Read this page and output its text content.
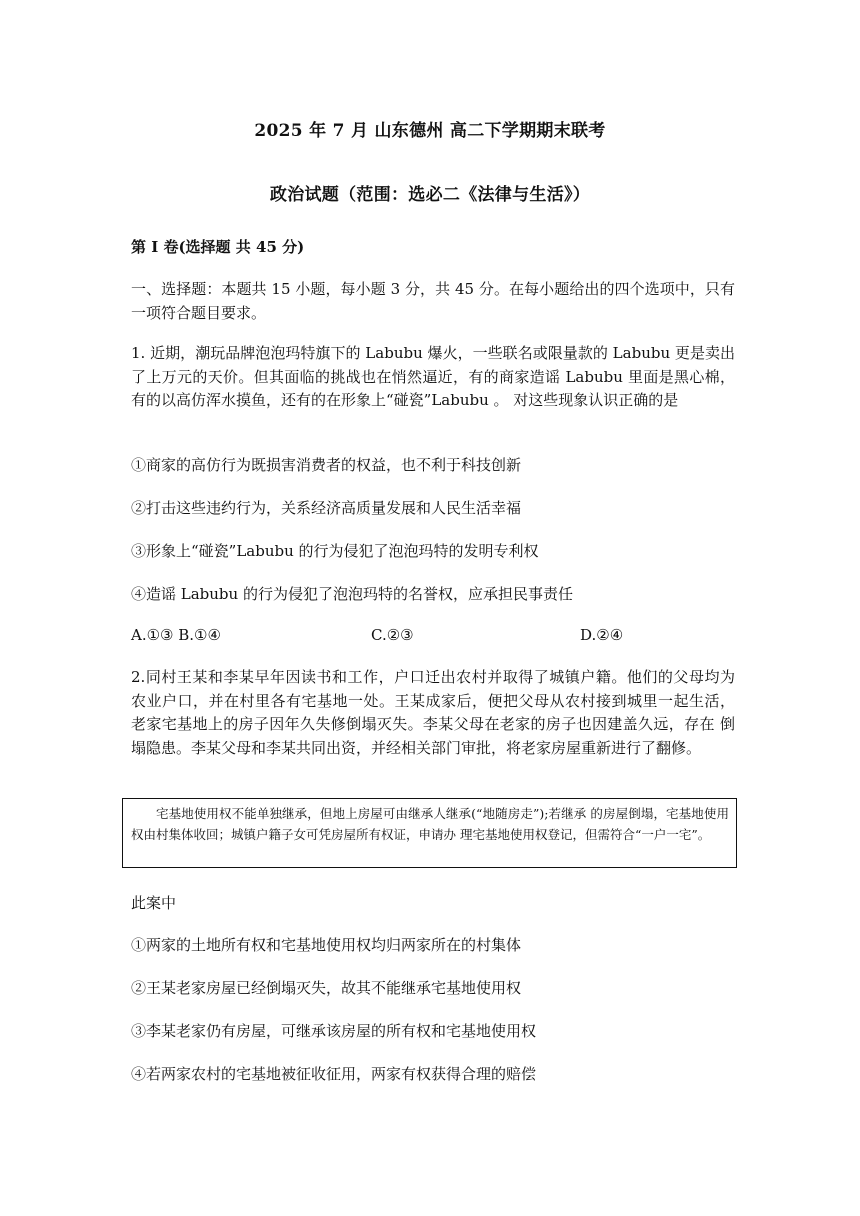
2025 年 7 月 山东德州 高二下学期期末联考
政治试题（范围：选必二《法律与生活》）
第 I 卷(选择题 共 45 分)
一、选择题：本题共 15 小题，每小题 3 分，共 45 分。在每小题给出的四个选项中，只有一项符合题目要求。
1. 近期，潮玩品牌泡泡玛特旗下的 Labubu 爆火，一些联名或限量款的 Labubu 更是卖出了上万元的天价。但其面临的挑战也在悄然逼近，有的商家造谣 Labubu 里面是黑心棉，有的以高仿浑水摸鱼，还有的在形象上“碰瓷”Labubu 。 对这些现象认识正确的是
①商家的高仿行为既损害消费者的权益，也不利于科技创新
②打击这些违约行为，关系经济高质量发展和人民生活幸福
③形象上“碰瓷”Labubu 的行为侵犯了泡泡玛特的发明专利权
④造谣 Labubu 的行为侵犯了泡泡玛特的名誉权，应承担民事责任
A.①③ B.①④	C.②③	D.②④
2.同村王某和李某早年因读书和工作，户口迁出农村并取得了城镇户籍。他们的父母均为 农业户口，并在村里各有宅基地一处。王某成家后，便把父母从农村接到城里一起生活， 老家宅基地上的房子因年久失修倒塌灭失。李某父母在老家的房子也因建盖久远，存在 倒塌隐患。李某父母和李某共同出资，并经相关部门审批，将老家房屋重新进行了翻修。
宅基地使用权不能单独继承，但地上房屋可由继承人继承(“地随房走”);若继承 的房屋倒塌，宅基地使用权由村集体收回；城镇户籍子女可凭房屋所有权证，申请办 理宅基地使用权登记，但需符合“一户一宅”。
此案中
①两家的土地所有权和宅基地使用权均归两家所在的村集体
②王某老家房屋已经倒塌灭失，故其不能继承宅基地使用权
③李某老家仍有房屋，可继承该房屋的所有权和宅基地使用权
④若两家农村的宅基地被征收征用，两家有权获得合理的赔偿
